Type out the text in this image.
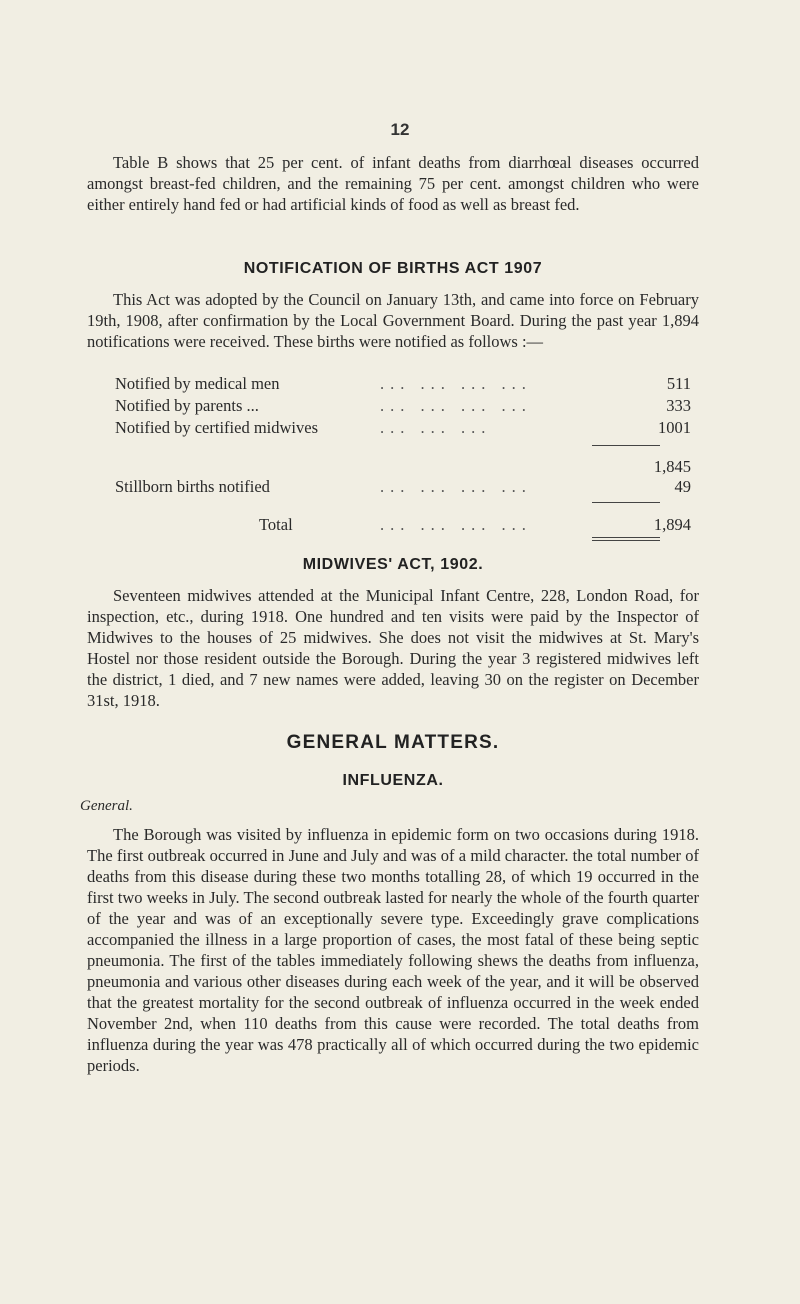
12

Table B shows that 25 per cent. of infant deaths from diarrhœal diseases occurred amongst breast-fed children, and the remaining 75 per cent. amongst children who were either entirely hand fed or had artificial kinds of food as well as breast fed.

NOTIFICATION OF BIRTHS ACT 1907

This Act was adopted by the Council on January 13th, and came into force on February 19th, 1908, after confirmation by the Local Government Board. During the past year 1,894 notifications were received. These births were notified as follows :—

Notified by medical men	... ... ... ...	511
Notified by parents ...	... ... ... ...	333
Notified by certified midwives	... ... ...	1001
1,845
Stillborn births notified	... ... ... ...	49
Total	... ... ... ...	1,894
MIDWIVES' ACT, 1902.

Seventeen midwives attended at the Municipal Infant Centre, 228, London Road, for inspection, etc., during 1918. One hundred and ten visits were paid by the Inspector of Midwives to the houses of 25 midwives. She does not visit the midwives at St. Mary's Hostel nor those resident outside the Borough. During the year 3 registered midwives left the district, 1 died, and 7 new names were added, leaving 30 on the register on December 31st, 1918.

GENERAL MATTERS.
INFLUENZA.
General.

The Borough was visited by influenza in epidemic form on two occasions during 1918. The first outbreak occurred in June and July and was of a mild character. the total number of deaths from this disease during these two months totalling 28, of which 19 occurred in the first two weeks in July. The second outbreak lasted for nearly the whole of the fourth quarter of the year and was of an exceptionally severe type. Exceedingly grave complications accompanied the illness in a large proportion of cases, the most fatal of these being septic pneumonia. The first of the tables immediately following shews the deaths from influenza, pneumonia and various other diseases during each week of the year, and it will be observed that the greatest mortality for the second outbreak of influenza occurred in the week ended November 2nd, when 110 deaths from this cause were recorded. The total deaths from influenza during the year was 478 practically all of which occurred during the two epidemic periods.
